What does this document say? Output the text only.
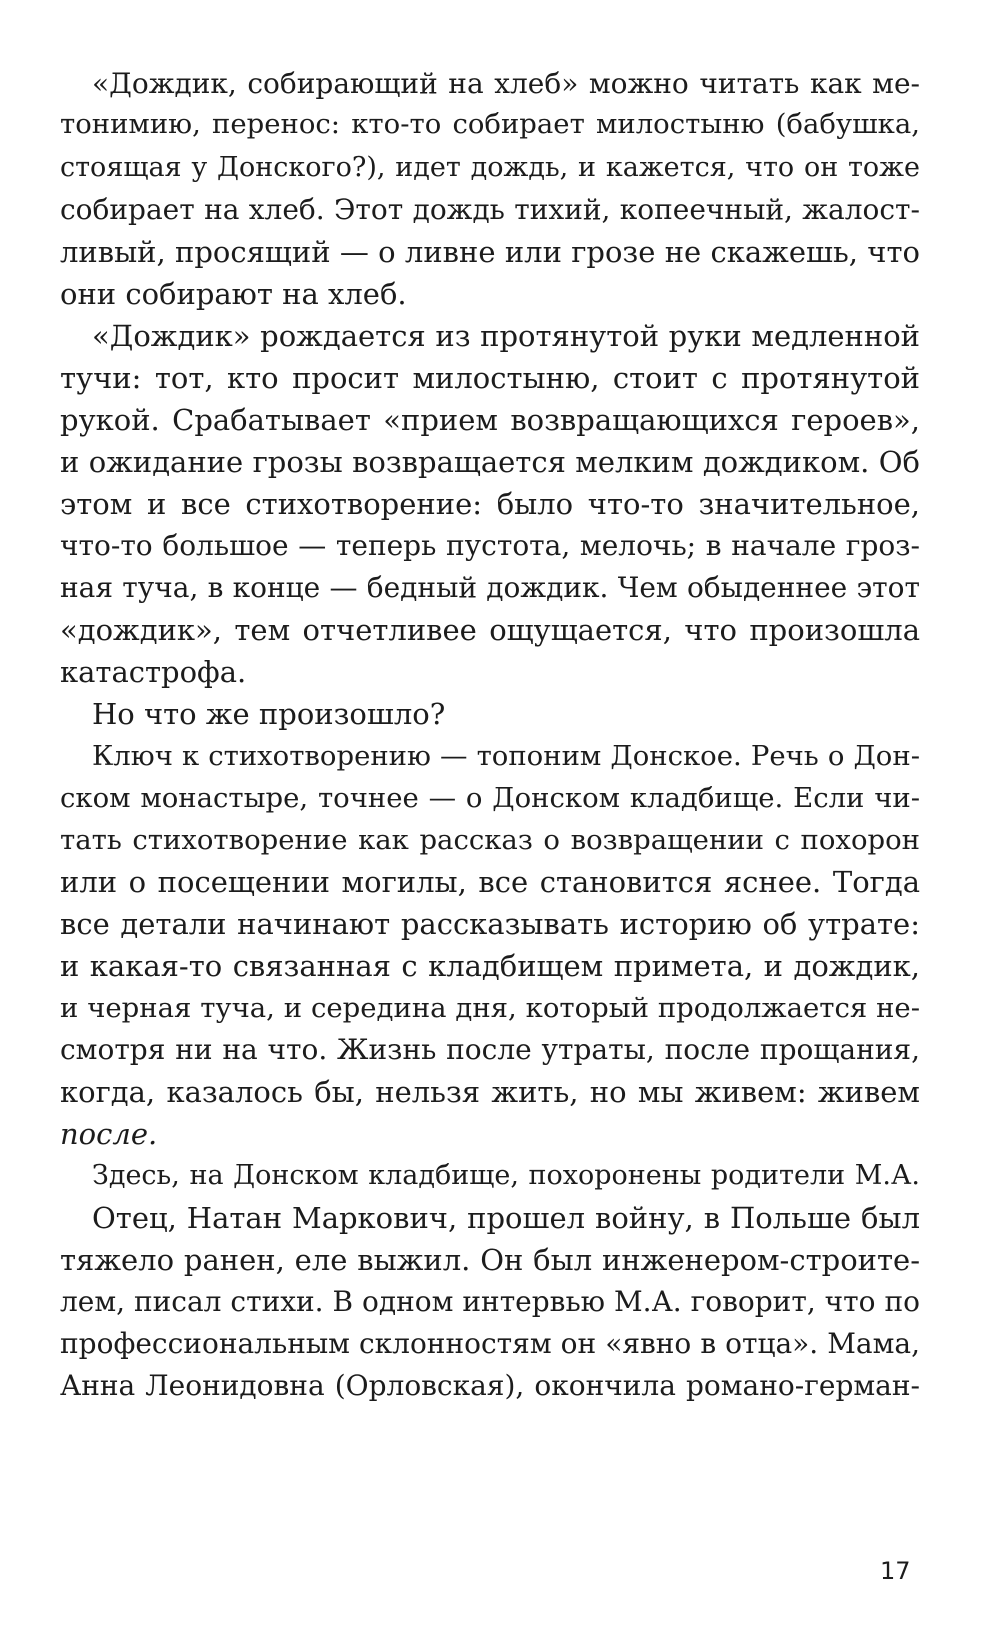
«Дождик, собирающий на хлеб» можно читать как ме-

тонимию, перенос: кто-то собирает милостыню (бабушка,

стоящая у Донского?), идет дождь, и кажется, что он тоже

собирает на хлеб. Этот дождь тихий, копеечный, жалост-

ливый, просящий — о ливне или грозе не скажешь, что

они собирают на хлеб.

«Дождик» рождается из протянутой руки медленной

тучи: тот, кто просит милостыню, стоит с протянутой

рукой. Срабатывает «прием возвращающихся героев»,

и ожидание грозы возвращается мелким дождиком. Об

этом и все стихотворение: было что-то значительное,

что-то большое — теперь пустота, мелочь; в начале гроз-

ная туча, в конце — бедный дождик. Чем обыденнее этот

«дождик», тем отчетливее ощущается, что произошла

катастрофа.

Но что же произошло?

Ключ к стихотворению — топоним Донское. Речь о Дон-

ском монастыре, точнее — о Донском кладбище. Если чи-

тать стихотворение как рассказ о возвращении с похорон

или о посещении могилы, все становится яснее. Тогда

все детали начинают рассказывать историю об утрате:

и какая-то связанная с кладбищем примета, и дождик,

и черная туча, и середина дня, который продолжается не-

смотря ни на что. Жизнь после утраты, после прощания,

когда, казалось бы, нельзя жить, но мы живем: живем

после.

Здесь, на Донском кладбище, похоронены родители М.А.

Отец, Натан Маркович, прошел войну, в Польше был

тяжело ранен, еле выжил. Он был инженером-строите-

лем, писал стихи. В одном интервью М.А. говорит, что по

профессиональным склонностям он «явно в отца». Мама,

Анна Леонидовна (Орловская), окончила романо-герман-

17
